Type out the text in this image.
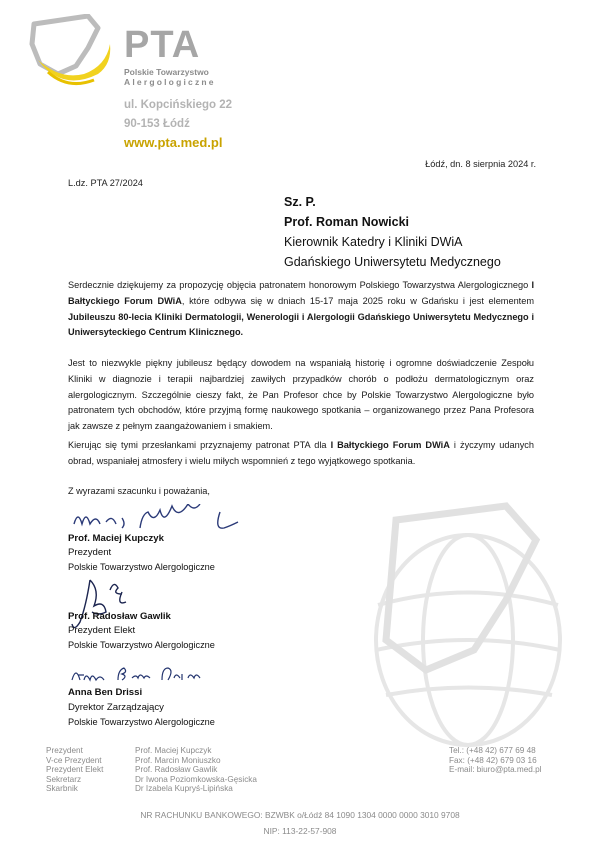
PTA
Polskie Towarzystwo
Alergologiczne
ul. Kopcińskiego 22
90-153 Łódź
www.pta.med.pl
Łódź, dn. 8 sierpnia 2024 r.
L.dz. PTA 27/2024
Sz. P.
Prof. Roman Nowicki
Kierownik Katedry i Kliniki DWiA
Gdańskiego Uniwersytetu Medycznego
Serdecznie dziękujemy za propozycję objęcia patronatem honorowym Polskiego Towarzystwa Alergologicznego I Bałtyckiego Forum DWiA, które odbywa się w dniach 15-17 maja 2025 roku w Gdańsku i jest elementem Jubileuszu 80-lecia Kliniki Dermatologii, Wenerologii i Alergologii Gdańskiego Uniwersytetu Medycznego i Uniwersyteckiego Centrum Klinicznego.
Jest to niezwykle piękny jubileusz będący dowodem na wspaniałą historię i ogromne doświadczenie Zespołu Kliniki w diagnozie i terapii najbardziej zawiłych przypadków chorób o podłożu dermatologicznym oraz alergologicznym. Szczególnie cieszy fakt, że Pan Profesor chce by Polskie Towarzystwo Alergologiczne było patronatem tych obchodów, które przyjmą formę naukowego spotkania – organizowanego przez Pana Profesora jak zawsze z pełnym zaangażowaniem i smakiem.
Kierując się tymi przesłankami przyznajemy patronat PTA dla I Bałtyckiego Forum DWiA i życzymy udanych obrad, wspaniałej atmosfery i wielu miłych wspomnień z tego wyjątkowego spotkania.
Z wyrazami szacunku i poważania,
Prof. Maciej Kupczyk
Prezydent
Polskie Towarzystwo Alergologiczne
Prof. Radosław Gawlik
Prezydent Elekt
Polskie Towarzystwo Alergologiczne
Anna Ben Drissi
Dyrektor Zarządzający
Polskie Towarzystwo Alergologiczne
Prezydent
V-ce Prezydent
Prezydent Elekt
Sekretarz
Skarbnik
Prof. Maciej Kupczyk
Prof. Marcin Moniuszko
Prof. Radosław Gawlik
Dr Iwona Poziomkowska-Gęsicka
Dr Izabela Kupryś-Lipińska
Tel.: (+48 42) 677 69 48
Fax: (+48 42) 679 03 16
E-mail: biuro@pta.med.pl
NR RACHUNKU BANKOWEGO: BZWBK o/Łódź 84 1090 1304 0000 0000 3010 9708
NIP: 113-22-57-908
